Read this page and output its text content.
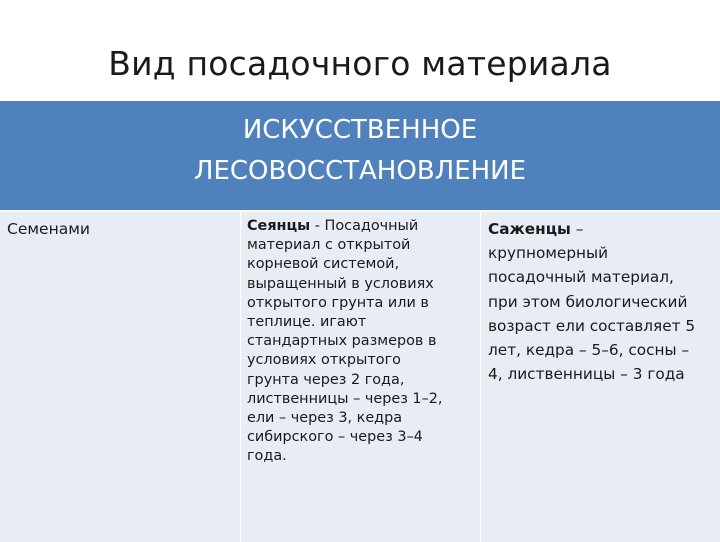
Вид посадочного материала
ИСКУССТВЕННОЕ
ЛЕСОВОССТАНОВЛЕНИЕ
Семенами	Сеянцы - Посадочный
материал с открытой
корневой системой,
выращенный в условиях
открытого грунта или в
теплице. игают
стандартных размеров в
условиях открытого
грунта через 2 года,
лиственницы – через 1–2,
ели – через 3, кедра
сибирского – через 3–4
года.
Саженцы –
крупномерный
посадочный материал,
при этом биологический
возраст ели составляет 5
лет, кедра – 5–6, сосны –
4, лиственницы – 3 года
